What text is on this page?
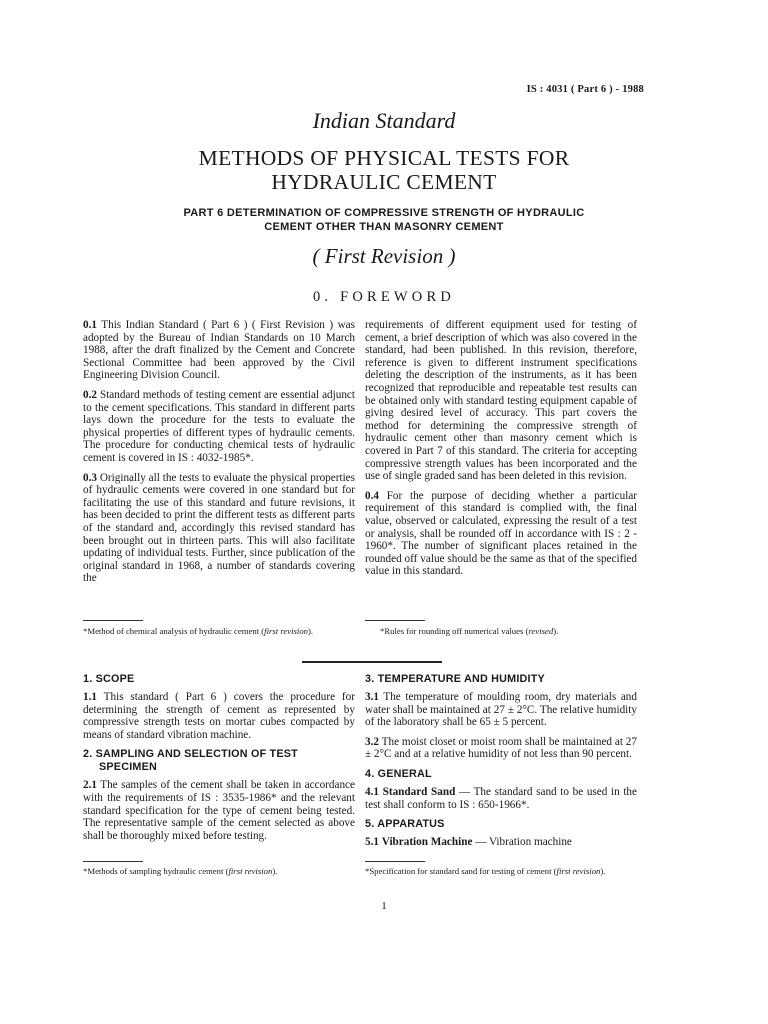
IS : 4031 ( Part 6 ) - 1988
Indian Standard
METHODS OF PHYSICAL TESTS FOR
HYDRAULIC CEMENT
PART 6 DETERMINATION OF COMPRESSIVE STRENGTH OF HYDRAULIC
CEMENT OTHER THAN MASONRY CEMENT
( First Revision )
0. FOREWORD

0.1 This Indian Standard ( Part 6 ) ( First Revision ) was adopted by the Bureau of Indian Standards on 10 March 1988, after the draft finalized by the Cement and Concrete Sectional Committee had been approved by the Civil Engineering Division Council.

0.2 Standard methods of testing cement are essential adjunct to the cement specifications. This standard in different parts lays down the procedure for the tests to evaluate the physical properties of different types of hydraulic cements. The procedure for conducting chemical tests of hydraulic cement is covered in IS : 4032-1985*.

0.3 Originally all the tests to evaluate the physical properties of hydraulic cements were covered in one standard but for facilitating the use of this standard and future revisions, it has been decided to print the different tests as different parts of the standard and, accordingly this revised standard has been brought out in thirteen parts. This will also facilitate updating of individual tests. Further, since publication of the original standard in 1968, a number of standards covering the

requirements of different equipment used for testing of cement, a brief description of which was also covered in the standard, had been published. In this revision, therefore, reference is given to different instrument specifications deleting the description of the instruments, as it has been recognized that reproducible and repeatable test results can be obtained only with standard testing equipment capable of giving desired level of accuracy. This part covers the method for determining the compressive strength of hydraulic cement other than masonry cement which is covered in Part 7 of this standard. The criteria for accepting compressive strength values has been incorporated and the use of single graded sand has been deleted in this revision.

0.4 For the purpose of deciding whether a particular requirement of this standard is complied with, the final value, observed or calculated, expressing the result of a test or analysis, shall be rounded off in accordance with IS : 2 - 1960*. The number of significant places retained in the rounded off value should be the same as that of the specified value in this standard.

*Method of chemical analysis of hydraulic cement (first revision).	*Rules for rounding off numerical values (revised).
1. SCOPE

1.1 This standard ( Part 6 ) covers the procedure for determining the strength of cement as represented by compressive strength tests on mortar cubes compacted by means of standard vibration machine.

2. SAMPLING AND SELECTION OF TEST
SPECIMEN

2.1 The samples of the cement shall be taken in accordance with the requirements of IS : 3535-1986* and the relevant standard specification for the type of cement being tested. The representative sample of the cement selected as above shall be thoroughly mixed before testing.

3. TEMPERATURE AND HUMIDITY

3.1 The temperature of moulding room, dry materials and water shall be maintained at 27 ± 2°C. The relative humidity of the laboratory shall be 65 ± 5 percent.

3.2 The moist closet or moist room shall be maintained at 27 ± 2°C and at a relative humidity of not less than 90 percent.

4. GENERAL

4.1 Standard Sand — The standard sand to be used in the test shall conform to IS : 650-1966*.

5. APPARATUS

5.1 Vibration Machine — Vibration machine

*Methods of sampling hydraulic cement (first revision).	*Specification for standard sand for testing of cement (first revision).
1
